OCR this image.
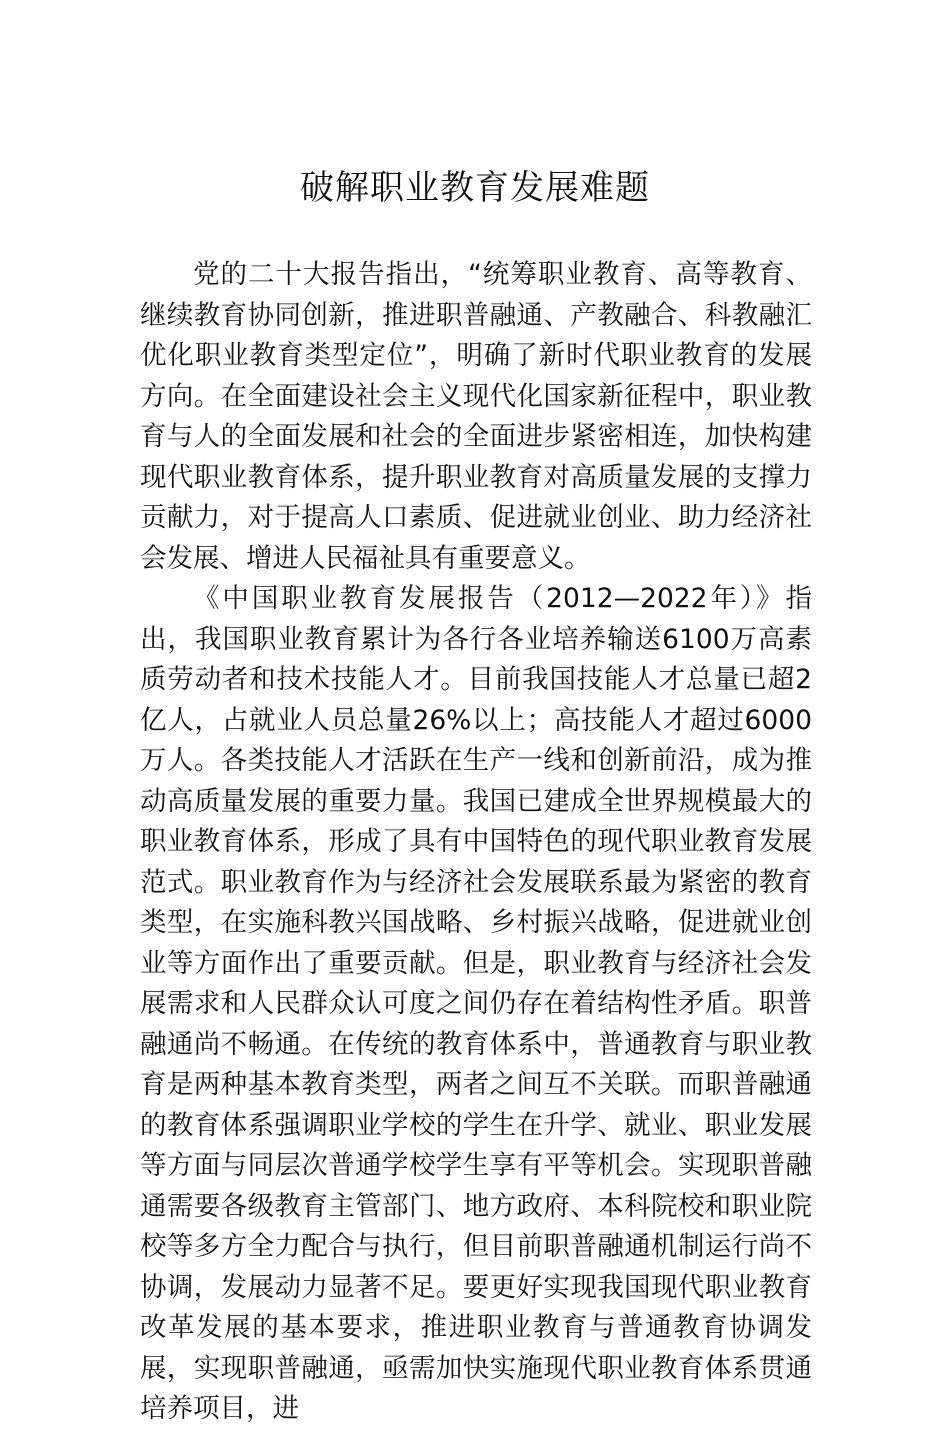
破解职业教育发展难题

党的二十大报告指出，“统筹职业教育、高等教育、继续教育协同创新，推进职普融通、产教融合、科教融汇优化职业教育类型定位”，明确了新时代职业教育的发展方向。在全面建设社会主义现代化国家新征程中，职业教育与人的全面发展和社会的全面进步紧密相连，加快构建现代职业教育体系，提升职业教育对高质量发展的支撑力贡献力，对于提高人口素质、促进就业创业、助力经济社会发展、增进人民福祉具有重要意义。

《中国职业教育发展报告（2012—2022年）》指出，我国职业教育累计为各行各业培养输送6100万高素质劳动者和技术技能人才。目前我国技能人才总量已超2亿人，占就业人员总量26%以上；高技能人才超过6000万人。各类技能人才活跃在生产一线和创新前沿，成为推动高质量发展的重要力量。我国已建成全世界规模最大的职业教育体系，形成了具有中国特色的现代职业教育发展范式。职业教育作为与经济社会发展联系最为紧密的教育类型，在实施科教兴国战略、乡村振兴战略，促进就业创业等方面作出了重要贡献。但是，职业教育与经济社会发展需求和人民群众认可度之间仍存在着结构性矛盾。职普融通尚不畅通。在传统的教育体系中，普通教育与职业教育是两种基本教育类型，两者之间互不关联。而职普融通的教育体系强调职业学校的学生在升学、就业、职业发展等方面与同层次普通学校学生享有平等机会。实现职普融通需要各级教育主管部门、地方政府、本科院校和职业院校等多方全力配合与执行，但目前职普融通机制运行尚不协调，发展动力显著不足。要更好实现我国现代职业教育改革发展的基本要求，推进职业教育与普通教育协调发展，实现职普融通，亟需加快实施现代职业教育体系贯通培养项目，进
